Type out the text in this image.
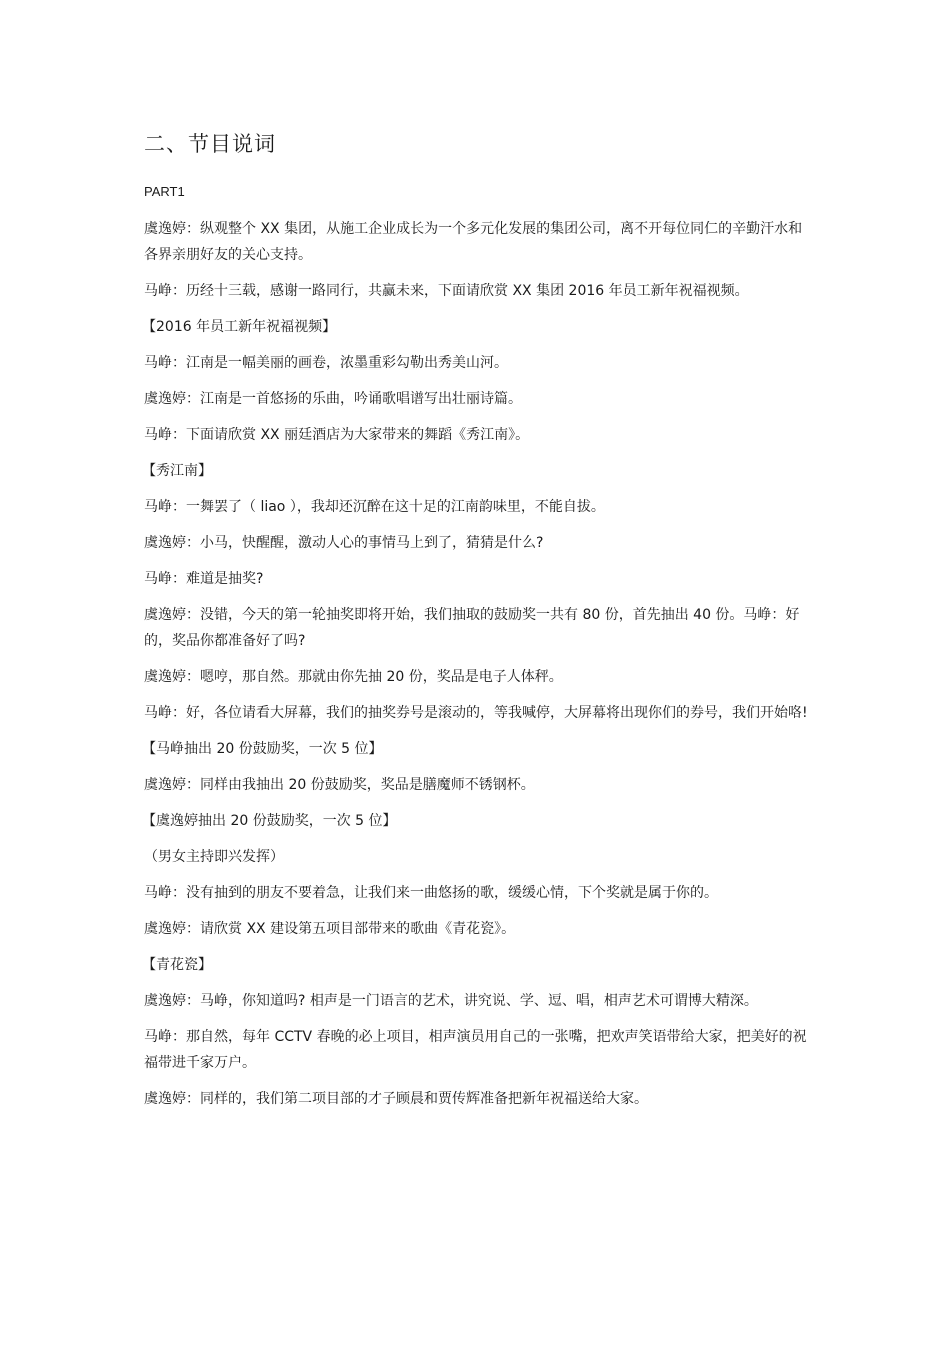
二、节目说词
PART1

虞逸婷：纵观整个 XX 集团，从施工企业成长为一个多元化发展的集团公司，离不开每位同仁的辛勤汗水和各界亲朋好友的关心支持。

马峥：历经十三载，感谢一路同行，共赢未来，下面请欣赏 XX 集团 2016 年员工新年祝福视频。

【2016 年员工新年祝福视频】

马峥：江南是一幅美丽的画卷，浓墨重彩勾勒出秀美山河。

虞逸婷：江南是一首悠扬的乐曲，吟诵歌唱谱写出壮丽诗篇。

马峥：下面请欣赏 XX 丽廷酒店为大家带来的舞蹈《秀江南》。

【秀江南】

马峥：一舞罢了（ liao ），我却还沉醉在这十足的江南韵味里，不能自拔。

虞逸婷：小马，快醒醒，激动人心的事情马上到了，猜猜是什么?

马峥：难道是抽奖?

虞逸婷：没错，今天的第一轮抽奖即将开始，我们抽取的鼓励奖一共有 80 份，首先抽出 40 份。马峥：好的，奖品你都准备好了吗?

虞逸婷：嗯哼，那自然。那就由你先抽 20 份，奖品是电子人体秤。

马峥：好，各位请看大屏幕，我们的抽奖券号是滚动的，等我喊停，大屏幕将出现你们的券号，我们开始咯!

【马峥抽出 20 份鼓励奖，一次 5 位】

虞逸婷：同样由我抽出 20 份鼓励奖，奖品是膳魔师不锈钢杯。

【虞逸婷抽出 20 份鼓励奖，一次 5 位】

（男女主持即兴发挥）

马峥：没有抽到的朋友不要着急，让我们来一曲悠扬的歌，缓缓心情，下个奖就是属于你的。

虞逸婷：请欣赏 XX 建设第五项目部带来的歌曲《青花瓷》。

【青花瓷】

虞逸婷：马峥，你知道吗? 相声是一门语言的艺术，讲究说、学、逗、唱，相声艺术可谓博大精深。

马峥：那自然，每年 CCTV 春晚的必上项目，相声演员用自己的一张嘴，把欢声笑语带给大家，把美好的祝福带进千家万户。

虞逸婷：同样的，我们第二项目部的才子顾晨和贾传辉准备把新年祝福送给大家。
